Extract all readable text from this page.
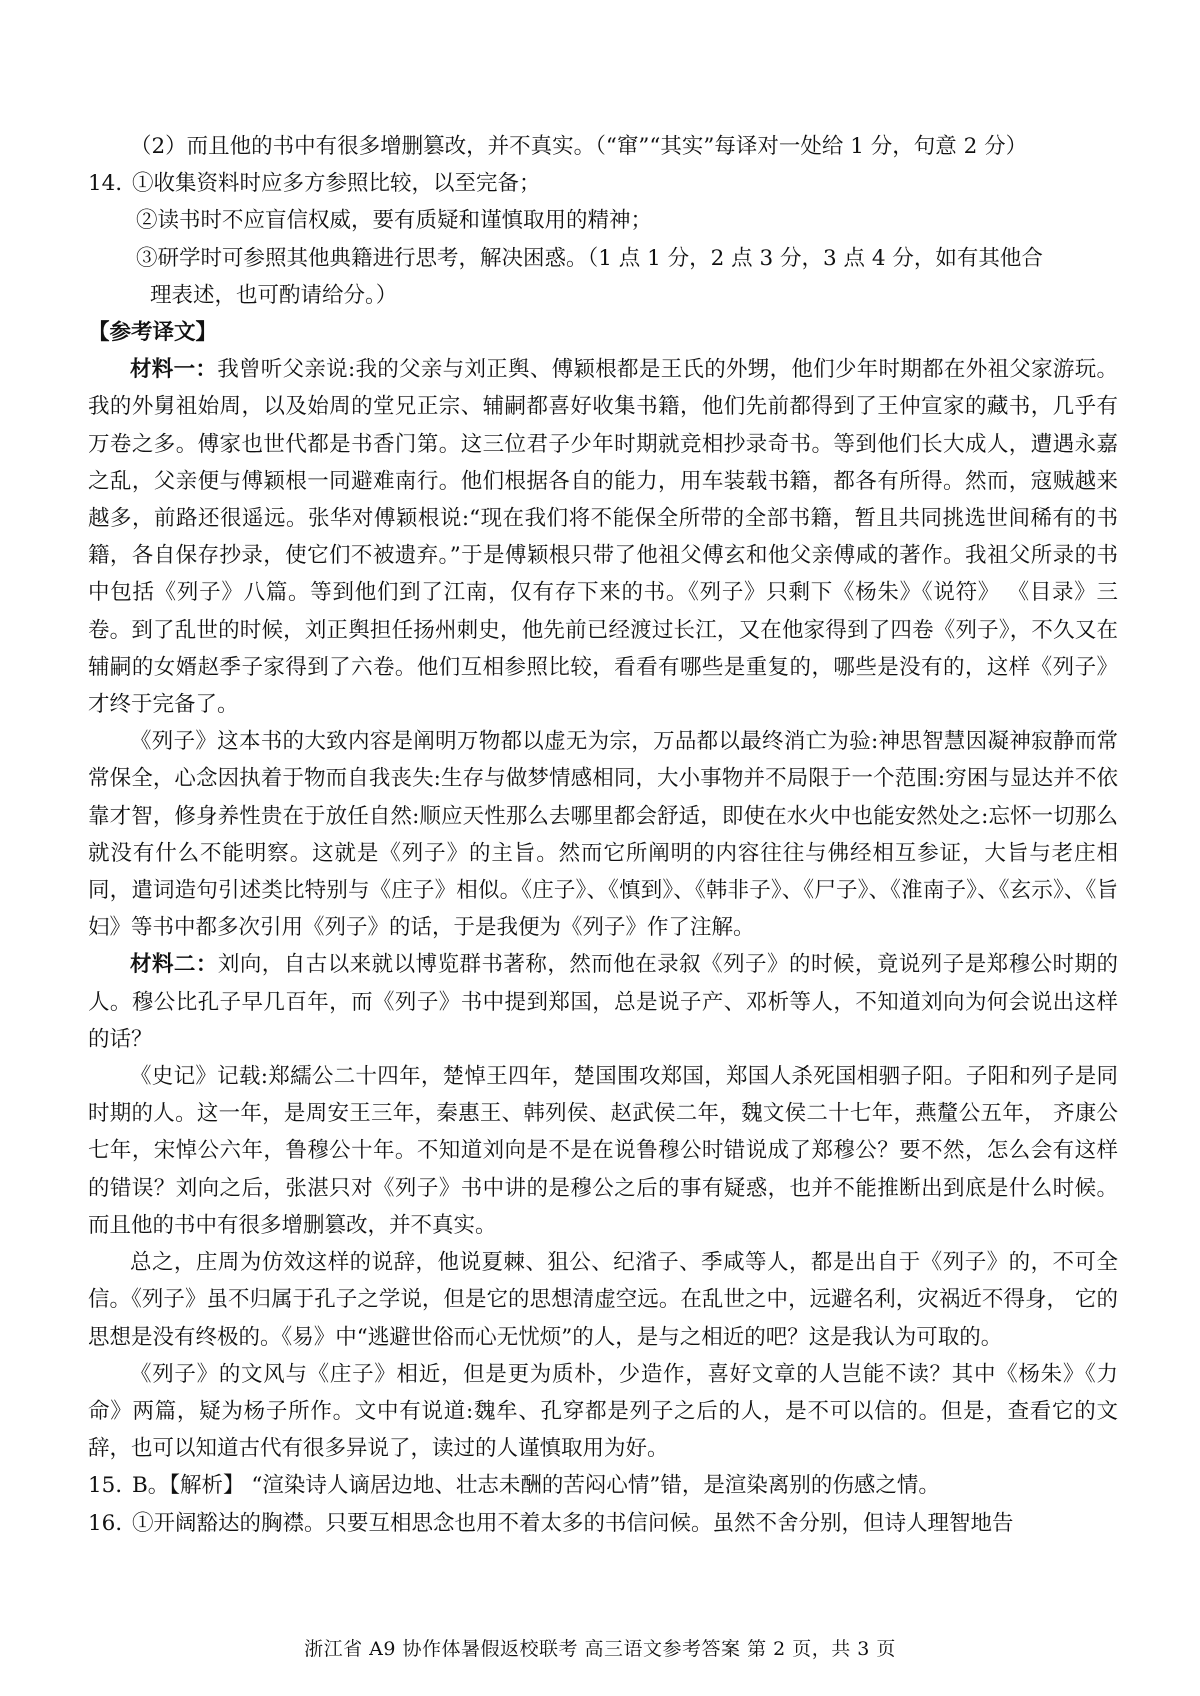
（2）而且他的书中有很多增删篡改，并不真实。（“窜”“其实”每译对一处给 1 分，句意 2 分）
14．
①收集资料时应多方参照比较，以至完备；
②读书时不应盲信权威，要有质疑和谨慎取用的精神；
③研学时可参照其他典籍进行思考，解决困惑。（1 点 1 分，2 点 3 分，3 点 4 分，如有其他合
理表述，也可酌请给分。）
【参考译文】

材料一：我曾听父亲说:我的父亲与刘正舆、傅颖根都是王氏的外甥，他们少年时期都在外祖父家游玩。我的外舅祖始周，以及始周的堂兄正宗、辅嗣都喜好收集书籍，他们先前都得到了王仲宣家的藏书，几乎有万卷之多。傅家也世代都是书香门第。这三位君子少年时期就竞相抄录奇书。等到他们长大成人，遭遇永嘉之乱，父亲便与傅颖根一同避难南行。他们根据各自的能力，用车装载书籍，都各有所得。然而，寇贼越来越多，前路还很遥远。张华对傅颖根说:“现在我们将不能保全所带的全部书籍，暂且共同挑选世间稀有的书籍，各自保存抄录，使它们不被遗弃。”于是傅颖根只带了他祖父傅玄和他父亲傅咸的著作。我祖父所录的书中包括《列子》八篇。等到他们到了江南，仅有存下来的书。《列子》只剩下《杨朱》《说符》 《目录》三卷。到了乱世的时候，刘正舆担任扬州刺史，他先前已经渡过长江，又在他家得到了四卷《列子》，不久又在辅嗣的女婿赵季子家得到了六卷。他们互相参照比较，看看有哪些是重复的，哪些是没有的，这样《列子》才终于完备了。

《列子》这本书的大致内容是阐明万物都以虚无为宗，万品都以最终消亡为验:神思智慧因凝神寂静而常常保全，心念因执着于物而自我丧失:生存与做梦情感相同，大小事物并不局限于一个范围:穷困与显达并不依靠才智，修身养性贵在于放任自然:顺应天性那么去哪里都会舒适，即使在水火中也能安然处之:忘怀一切那么就没有什么不能明察。这就是《列子》的主旨。然而它所阐明的内容往往与佛经相互参证，大旨与老庄相同，遣词造句引述类比特别与《庄子》相似。《庄子》、《慎到》、《韩非子》、《尸子》、《淮南子》、《玄示》、《旨妇》等书中都多次引用《列子》的话，于是我便为《列子》作了注解。

材料二：刘向，自古以来就以博览群书著称，然而他在录叙《列子》的时候，竟说列子是郑穆公时期的人。穆公比孔子早几百年，而《列子》书中提到郑国，总是说子产、邓析等人，不知道刘向为何会说出这样的话？

《史记》记载:郑繻公二十四年，楚悼王四年，楚国围攻郑国，郑国人杀死国相驷子阳。子阳和列子是同时期的人。这一年，是周安王三年，秦惠王、韩列侯、赵武侯二年，魏文侯二十七年，燕釐公五年， 齐康公七年，宋悼公六年，鲁穆公十年。不知道刘向是不是在说鲁穆公时错说成了郑穆公？要不然，怎么会有这样的错误？刘向之后，张湛只对《列子》书中讲的是穆公之后的事有疑惑，也并不能推断出到底是什么时候。而且他的书中有很多增删篡改，并不真实。

总之，庄周为仿效这样的说辞，他说夏棘、狙公、纪渻子、季咸等人，都是出自于《列子》的，不可全信。《列子》虽不归属于孔子之学说，但是它的思想清虚空远。在乱世之中，远避名利，灾祸近不得身， 它的思想是没有终极的。《易》中“逃避世俗而心无忧烦”的人，是与之相近的吧？这是我认为可取的。

《列子》的文风与《庄子》相近，但是更为质朴，少造作，喜好文章的人岂能不读？其中《杨朱》《力命》两篇，疑为杨子所作。文中有说道:魏牟、孔穿都是列子之后的人，是不可以信的。但是，查看它的文辞，也可以知道古代有很多异说了，读过的人谨慎取用为好。

15．
B。【解析】 “渲染诗人谪居边地、壮志未酬的苦闷心情”错，是渲染离别的伤感之情。
16．
①开阔豁达的胸襟。只要互相思念也用不着太多的书信问候。虽然不舍分别，但诗人理智地告
浙江省 A9 协作体暑假返校联考 高三语文参考答案 第 2 页，共 3 页
